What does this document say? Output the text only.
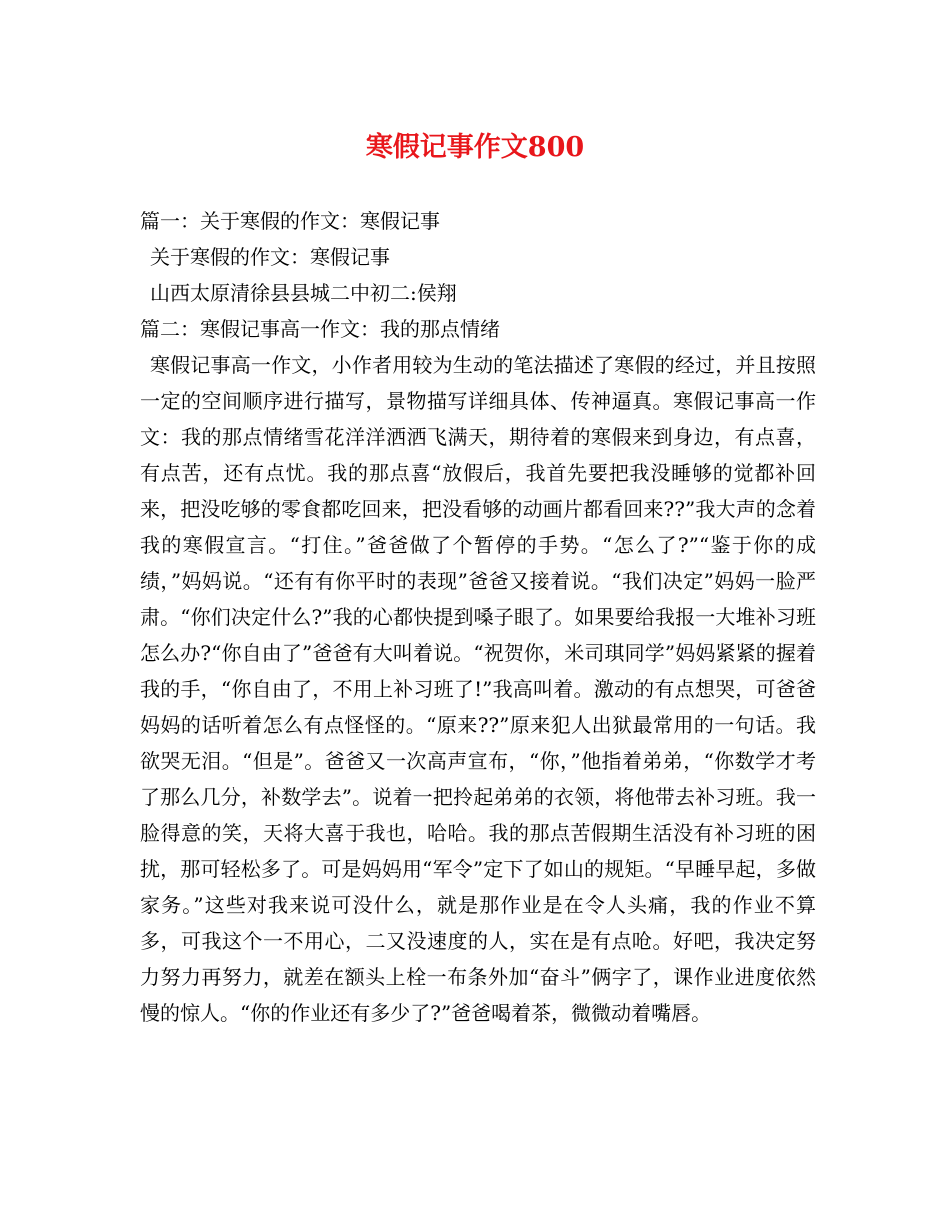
寒假记事作文800
篇一：关于寒假的作文：寒假记事
关于寒假的作文：寒假记事
山西太原清徐县县城二中初二:侯翔
篇二：寒假记事高一作文：我的那点情绪
寒假记事高一作文，小作者用较为生动的笔法描述了寒假的经过，并且按照一定的空间顺序进行描写，景物描写详细具体、传神逼真。寒假记事高一作文：我的那点情绪雪花洋洋洒洒飞满天，期待着的寒假来到身边，有点喜，有点苦，还有点忧。我的那点喜“放假后，我首先要把我没睡够的觉都补回来，把没吃够的零食都吃回来，把没看够的动画片都看回来??”我大声的念着我的寒假宣言。“打住。”爸爸做了个暂停的手势。“怎么了?”“鉴于你的成绩，”妈妈说。“还有有你平时的表现”爸爸又接着说。“我们决定”妈妈一脸严肃。“你们决定什么?”我的心都快提到嗓子眼了。如果要给我报一大堆补习班怎么办?“你自由了”爸爸有大叫着说。“祝贺你，米司琪同学”妈妈紧紧的握着我的手，“你自由了，不用上补习班了!”我高叫着。激动的有点想哭，可爸爸妈妈的话听着怎么有点怪怪的。“原来??”原来犯人出狱最常用的一句话。我欲哭无泪。“但是”。爸爸又一次高声宣布，“你，”他指着弟弟，“你数学才考了那么几分，补数学去”。说着一把拎起弟弟的衣领，将他带去补习班。我一脸得意的笑，天将大喜于我也，哈哈。我的那点苦假期生活没有补习班的困扰，那可轻松多了。可是妈妈用“军令”定下了如山的规矩。“早睡早起，多做家务。”这些对我来说可没什么，就是那作业是在令人头痛，我的作业不算多，可我这个一不用心，二又没速度的人，实在是有点呛。好吧，我决定努力努力再努力，就差在额头上栓一布条外加“奋斗”俩字了，课作业进度依然慢的惊人。“你的作业还有多少了?”爸爸喝着茶，微微动着嘴唇。
